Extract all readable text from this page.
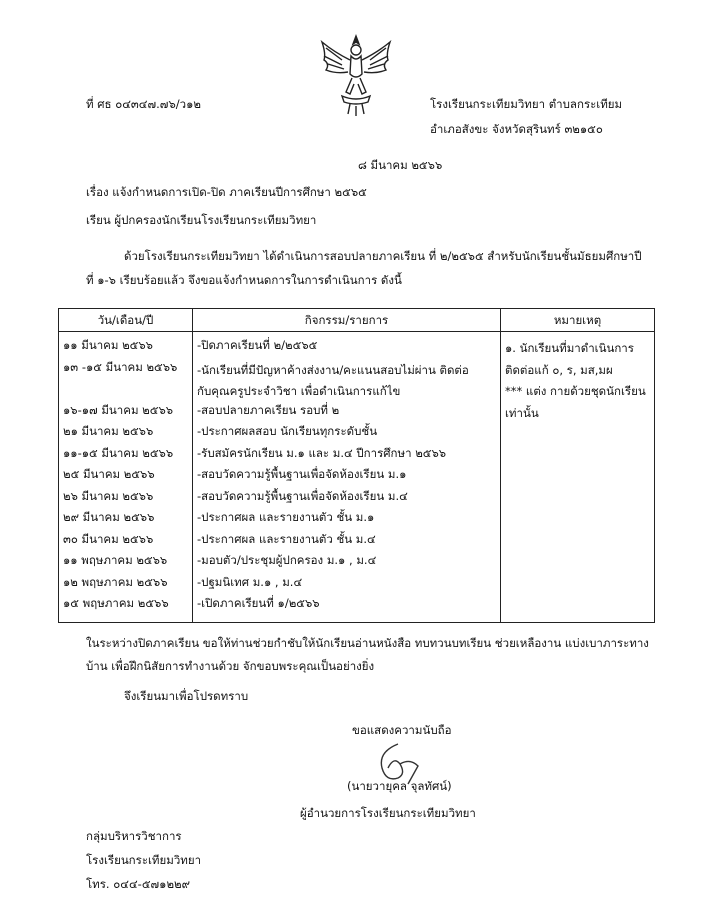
ที่ ศธ ๐๔๓๔๗.๗๖/ว๑๒	โรงเรียนกระเทียมวิทยา ตำบลกระเทียม
อำเภอสังขะ จังหวัดสุรินทร์ ๓๒๑๕๐
๘ มีนาคม ๒๕๖๖
เรื่อง แจ้งกำหนดการเปิด-ปิด ภาคเรียนปีการศึกษา ๒๕๖๕
เรียน ผู้ปกครองนักเรียนโรงเรียนกระเทียมวิทยา
ด้วยโรงเรียนกระเทียมวิทยา ได้ดำเนินการสอบปลายภาคเรียน ที่ ๒/๒๕๖๕ สำหรับนักเรียนชั้นมัธยมศึกษาปี
ที่ ๑-๖ เรียบร้อยแล้ว จึงขอแจ้งกำหนดการในการดำเนินการ ดังนี้
วัน/เดือน/ปี	กิจกรรม/รายการ	หมายเหตุ
๑๑ มีนาคม ๒๕๖๖	-ปิดภาคเรียนที่ ๒/๒๕๖๕	๑. นักเรียนที่มาดำเนินการ
ติดต่อแก้ ๐, ร, มส,มผ
*** แต่ง กายด้วยชุดนักเรียน
เท่านั้น

๑๓ -๑๕ มีนาคม ๒๕๖๖	-นักเรียนที่มีปัญหาค้างส่งงาน/คะแนนสอบไม่ผ่าน ติดต่อ
กับคุณครูประจำวิชา เพื่อดำเนินการแก้ไข	

๑๖-๑๗ มีนาคม ๒๕๖๖	-สอบปลายภาคเรียน รอบที่ ๒	
๒๑ มีนาคม ๒๕๖๖	-ประกาศผลสอบ นักเรียนทุกระดับชั้น	
๑๑-๑๕ มีนาคม ๒๕๖๖	-รับสมัครนักเรียน ม.๑ และ ม.๔ ปีการศึกษา ๒๕๖๖	
๒๕ มีนาคม ๒๕๖๖	-สอบวัดความรู้พื้นฐานเพื่อจัดห้องเรียน ม.๑	
๒๖ มีนาคม ๒๕๖๖	-สอบวัดความรู้พื้นฐานเพื่อจัดห้องเรียน ม.๔	
๒๙ มีนาคม ๒๕๖๖	-ประกาศผล และรายงานตัว ชั้น ม.๑	
๓๐ มีนาคม ๒๕๖๖	-ประกาศผล และรายงานตัว ชั้น ม.๔	
๑๑ พฤษภาคม ๒๕๖๖	-มอบตัว/ประชุมผู้ปกครอง ม.๑ , ม.๔	
๑๒ พฤษภาคม ๒๕๖๖	-ปฐมนิเทศ ม.๑ , ม.๔	
๑๕ พฤษภาคม ๒๕๖๖	-เปิดภาคเรียนที่ ๑/๒๕๖๖	
ในระหว่างปิดภาคเรียน ขอให้ท่านช่วยกำชับให้นักเรียนอ่านหนังสือ ทบทวนบทเรียน ช่วยเหลืองาน แบ่งเบาภาระทาง
บ้าน เพื่อฝึกนิสัยการทำงานด้วย จักขอบพระคุณเป็นอย่างยิ่ง
จึงเรียนมาเพื่อโปรดทราบ
ขอแสดงความนับถือ
(นายวายุคล จุลทัศน์)
ผู้อำนวยการโรงเรียนกระเทียมวิทยา
กลุ่มบริหารวิชาการ
โรงเรียนกระเทียมวิทยา
โทร. ๐๔๔-๕๗๑๒๒๙
